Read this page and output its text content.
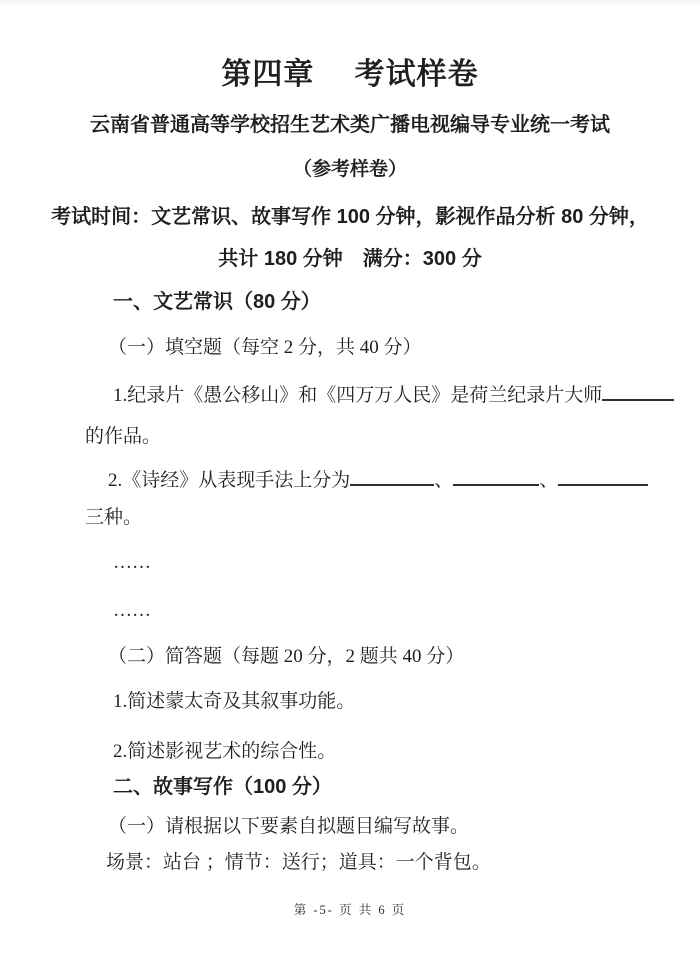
第四章　 考试样卷
云南省普通高等学校招生艺术类广播电视编导专业统一考试
（参考样卷）
考试时间：文艺常识、故事写作 100 分钟，影视作品分析 80 分钟，
共计 180 分钟　满分：300 分
一、文艺常识（80 分）
（一）填空题（每空 2 分，共 40 分）
1.纪录片《愚公移山》和《四万万人民》是荷兰纪录片大师
的作品。
2.《诗经》从表现手法上分为	、	、
三种。
……
……
（二）简答题（每题 20 分，2 题共 40 分）
1.简述蒙太奇及其叙事功能。
2.简述影视艺术的综合性。
二、故事写作（100 分）
（一）请根据以下要素自拟题目编写故事。
场景：站台 ；情节：送行；道具：一个背包。
第 -5- 页 共 6 页
